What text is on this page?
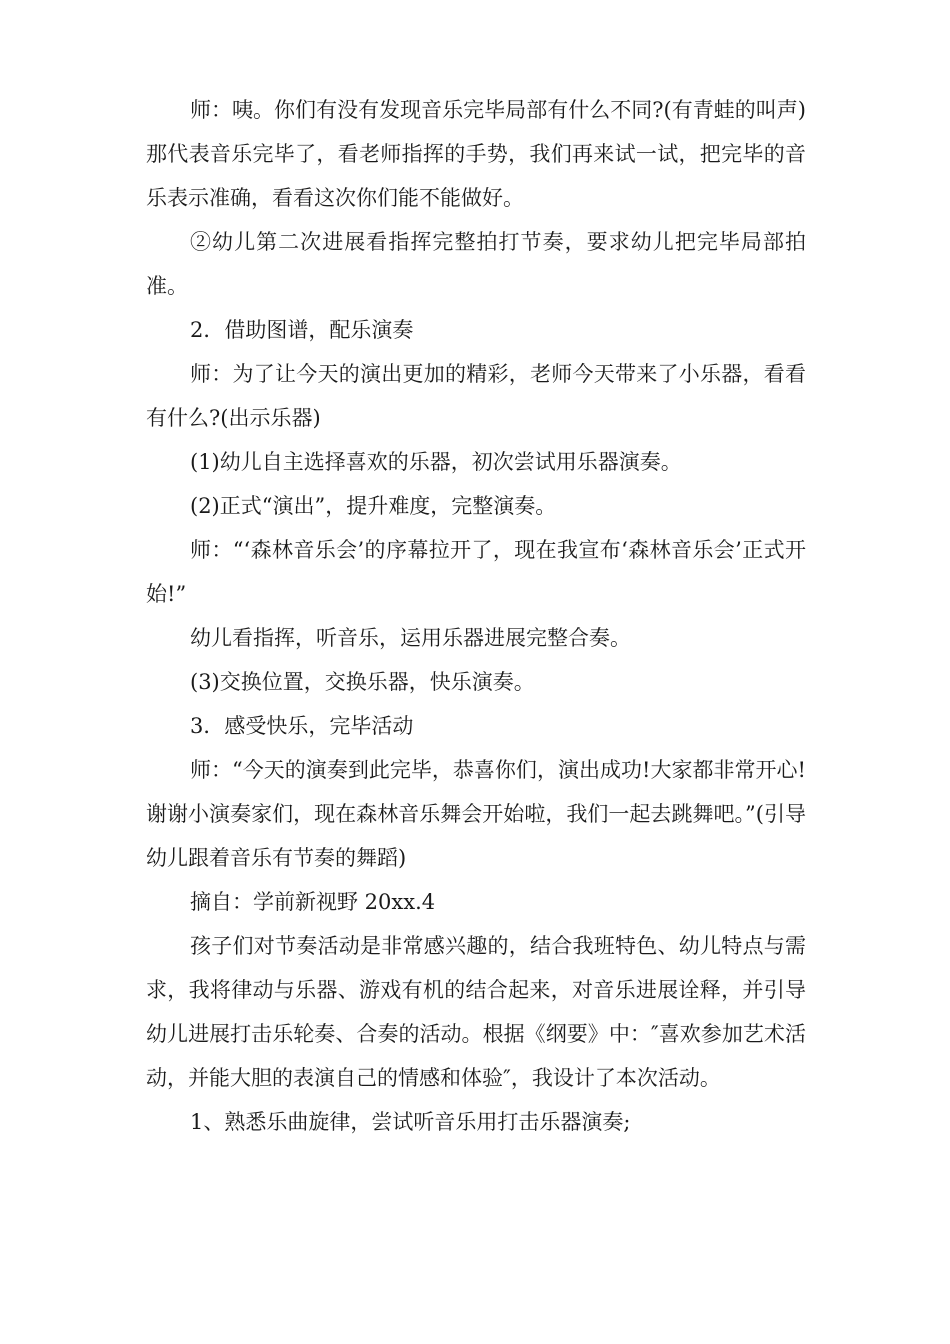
师：咦。你们有没有发现音乐完毕局部有什么不同?(有青蛙的叫声)那代表音乐完毕了，看老师指挥的手势，我们再来试一试，把完毕的音乐表示准确，看看这次你们能不能做好。

②幼儿第二次进展看指挥完整拍打节奏，要求幼儿把完毕局部拍准。

2．借助图谱，配乐演奏

师：为了让今天的演出更加的精彩，老师今天带来了小乐器，看看有什么?(出示乐器)

(1)幼儿自主选择喜欢的乐器，初次尝试用乐器演奏。

(2)正式“演出”，提升难度，完整演奏。

师：“‘森林音乐会’的序幕拉开了，现在我宣布‘森林音乐会’正式开始!”

幼儿看指挥，听音乐，运用乐器进展完整合奏。

(3)交换位置，交换乐器，快乐演奏。

3．感受快乐，完毕活动

师：“今天的演奏到此完毕，恭喜你们，演出成功!大家都非常开心!谢谢小演奏家们，现在森林音乐舞会开始啦，我们一起去跳舞吧。”(引导幼儿跟着音乐有节奏的舞蹈)

摘自：学前新视野 20xx.4

孩子们对节奏活动是非常感兴趣的，结合我班特色、幼儿特点与需求，我将律动与乐器、游戏有机的结合起来，对音乐进展诠释，并引导幼儿进展打击乐轮奏、合奏的活动。根据《纲要》中：″喜欢参加艺术活动，并能大胆的表演自己的情感和体验″，我设计了本次活动。

1、熟悉乐曲旋律，尝试听音乐用打击乐器演奏;
